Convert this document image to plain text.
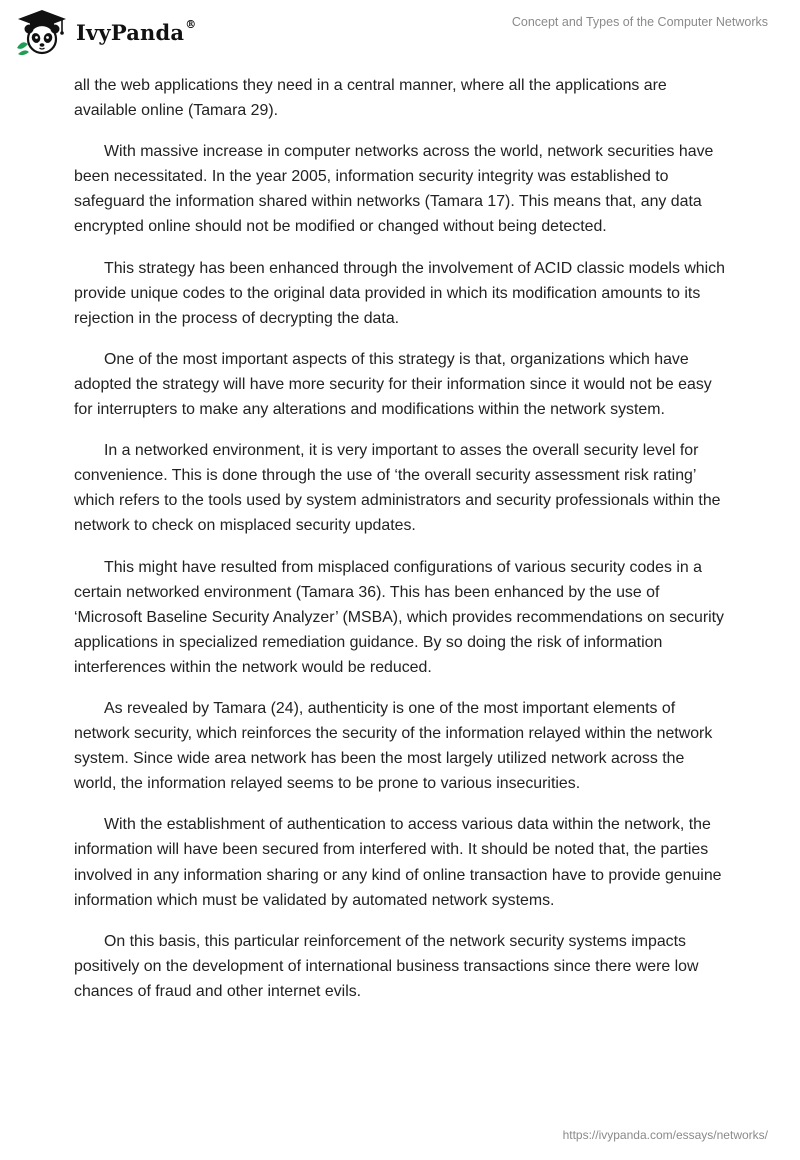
IvyPanda®	Concept and Types of the Computer Networks

all the web applications they need in a central manner, where all the applications are available online (Tamara 29).

With massive increase in computer networks across the world, network securities have been necessitated. In the year 2005, information security integrity was established to safeguard the information shared within networks (Tamara 17). This means that, any data encrypted online should not be modified or changed without being detected.

This strategy has been enhanced through the involvement of ACID classic models which provide unique codes to the original data provided in which its modification amounts to its rejection in the process of decrypting the data.

One of the most important aspects of this strategy is that, organizations which have adopted the strategy will have more security for their information since it would not be easy for interrupters to make any alterations and modifications within the network system.

In a networked environment, it is very important to asses the overall security level for convenience. This is done through the use of ‘the overall security assessment risk rating’ which refers to the tools used by system administrators and security professionals within the network to check on misplaced security updates.

This might have resulted from misplaced configurations of various security codes in a certain networked environment (Tamara 36). This has been enhanced by the use of ‘Microsoft Baseline Security Analyzer’ (MSBA), which provides recommendations on security applications in specialized remediation guidance. By so doing the risk of information interferences within the network would be reduced.

As revealed by Tamara (24), authenticity is one of the most important elements of network security, which reinforces the security of the information relayed within the network system. Since wide area network has been the most largely utilized network across the world, the information relayed seems to be prone to various insecurities.

With the establishment of authentication to access various data within the network, the information will have been secured from interfered with. It should be noted that, the parties involved in any information sharing or any kind of online transaction have to provide genuine information which must be validated by automated network systems.

On this basis, this particular reinforcement of the network security systems impacts positively on the development of international business transactions since there were low chances of fraud and other internet evils.

https://ivypanda.com/essays/networks/
